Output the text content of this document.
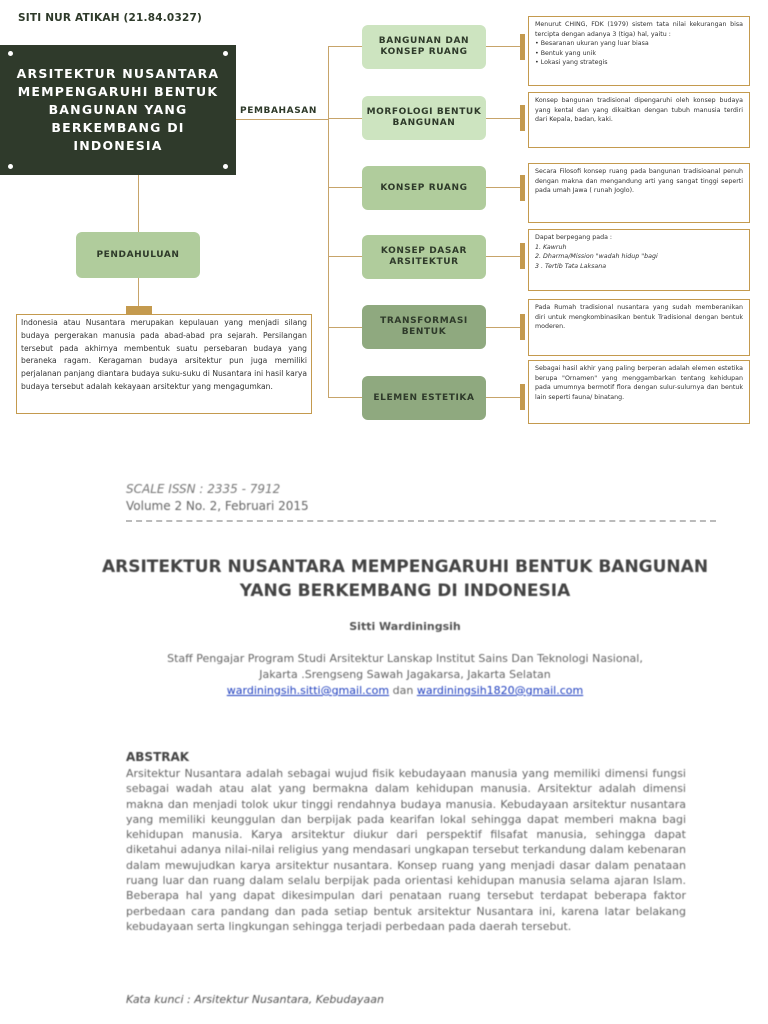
SITI NUR ATIKAH (21.84.0327)
ARSITEKTUR NUSANTARA MEMPENGARUHI BENTUK BANGUNAN YANG BERKEMBANG DI INDONESIA
PEMBAHASAN
BANGUNAN DAN KONSEP RUANG
MORFOLOGI BENTUK BANGUNAN
KONSEP RUANG
KONSEP DASAR ARSITEKTUR
TRANSFORMASI BENTUK
ELEMEN ESTETIKA
Menurut CHING, FDK (1979) sistem tata nilai kekurangan bisa tercipta dengan adanya 3 (tiga) hal, yaitu :
• Besaranan ukuran yang luar biasa
• Bentuk yang unik
• Lokasi yang strategis
Konsep bangunan tradisional dipengaruhi oleh konsep budaya yang kental dan yang dikaitkan dengan tubuh manusia terdiri dari Kepala, badan, kaki.
Secara Filosofi konsep ruang pada bangunan tradisioanal penuh dengan makna dan mengandung arti yang sangat tinggi seperti pada umah Jawa ( runah Joglo).
Dapat berpegang pada :
1. Kawruh
2. Dharma/Mission "wadah hidup "bagi
3 . Tertib Tata Laksana
Pada Rumah tradisional nusantara yang sudah memberanikan diri untuk mengkombinasikan bentuk Tradisional dengan bentuk moderen.
Sebagai hasil akhir yang paling berperan adalah elemen estetika berupa "Ornamen" yang menggambarkan tentang kehidupan pada umumnya bermotif flora dengan sulur-sulurnya dan bentuk lain seperti fauna/ binatang.
PENDAHULUAN
Indonesia atau Nusantara merupakan kepulauan yang menjadi silang budaya pergerakan manusia pada abad-abad pra sejarah. Persilangan tersebut pada akhirnya membentuk suatu persebaran budaya yang beraneka ragam. Keragaman budaya arsitektur pun juga memiliki perjalanan panjang diantara budaya suku-suku di Nusantara ini hasil karya budaya tersebut adalah kekayaan arsitektur yang mengagumkan.
SCALE ISSN : 2335 - 7912
Volume 2 No. 2, Februari 2015
ARSITEKTUR NUSANTARA MEMPENGARUHI BENTUK BANGUNAN YANG BERKEMBANG DI INDONESIA
Sitti Wardiningsih
Staff Pengajar Program Studi Arsitektur Lanskap Institut Sains Dan Teknologi Nasional,
Jakarta .Srengseng Sawah Jagakarsa, Jakarta Selatan
wardiningsih.sitti@gmail.com dan wardiningsih1820@gmail.com
ABSTRAK
Arsitektur Nusantara adalah sebagai wujud fisik kebudayaan manusia yang memiliki dimensi fungsi sebagai wadah atau alat yang bermakna dalam kehidupan manusia. Arsitektur adalah dimensi makna dan menjadi tolok ukur tinggi rendahnya budaya manusia. Kebudayaan arsitektur nusantara yang memiliki keunggulan dan berpijak pada kearifan lokal sehingga dapat memberi makna bagi kehidupan manusia. Karya arsitektur diukur dari perspektif filsafat manusia, sehingga dapat diketahui adanya nilai-nilai religius yang mendasari ungkapan tersebut terkandung dalam kebenaran dalam mewujudkan karya arsitektur nusantara. Konsep ruang yang menjadi dasar dalam penataan ruang luar dan ruang dalam selalu berpijak pada orientasi kehidupan manusia selama ajaran Islam. Beberapa hal yang dapat dikesimpulan dari penataan ruang tersebut terdapat beberapa faktor perbedaan cara pandang dan pada setiap bentuk arsitektur Nusantara ini, karena latar belakang kebudayaan serta lingkungan sehingga terjadi perbedaan pada daerah tersebut.
Kata kunci : Arsitektur Nusantara, Kebudayaan
